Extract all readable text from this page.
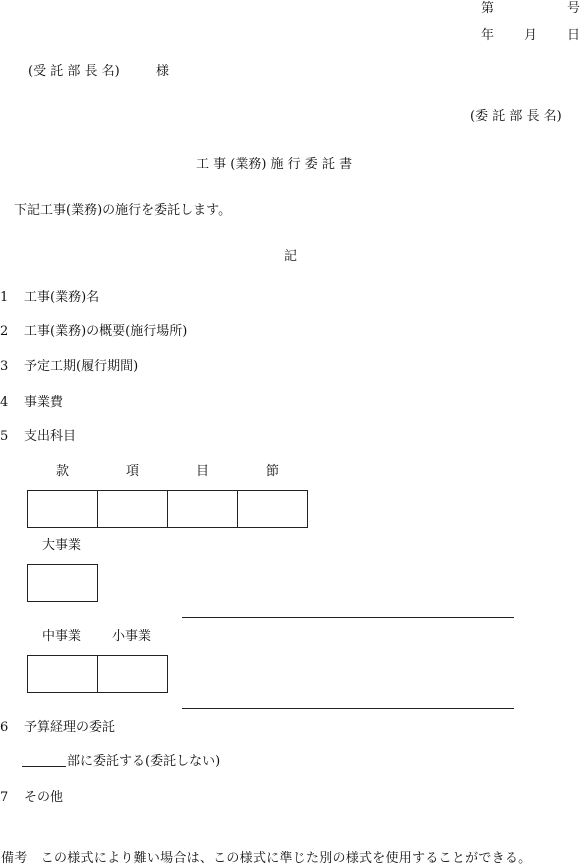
第	号
年 月 日
(受 託 部 長 名)	様
(委 託 部 長 名)
工 事 (業務) 施 行 委 託 書
下記工事(業務)の施行を委託します。
記
1	工事(業務)名
2	工事(業務)の概要(施行場所)
3	予定工期(履行期間)
4	事業費
5	支出科目
款	項	目	節
大事業
中事業 小事業
6	予算経理の委託
部に委託する(委託しない)
7	その他
備考　この様式により難い場合は、この様式に準じた別の様式を使用することができる。
